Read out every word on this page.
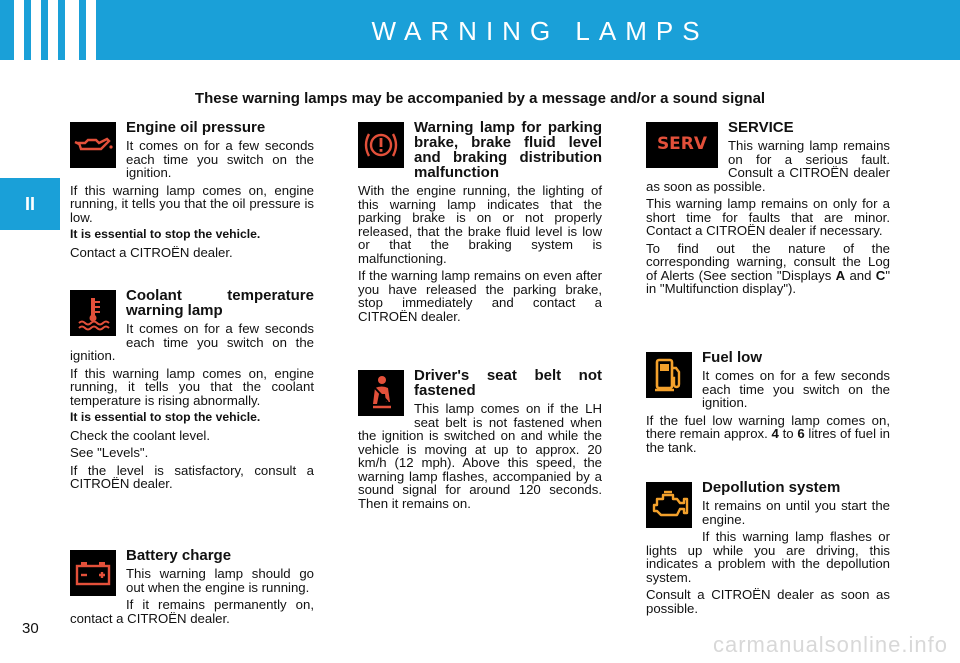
WARNING LAMPS
II
These warning lamps may be accompanied by a message and/or a sound signal

Engine oil pressure

It comes on for a few seconds each time you switch on the ignition.

If this warning lamp comes on, engine running, it tells you that the oil pressure is low.

It is essential to stop the vehicle.

Contact a CITROËN dealer.

Coolant temperature warning lamp

It comes on for a few seconds each time you switch on the ignition.

If this warning lamp comes on, engine running, it tells you that the coolant temperature is rising abnormally.

It is essential to stop the vehicle.

Check the coolant level.

See "Levels".

If the level is satisfactory, consult a CITROËN dealer.

Battery charge

This warning lamp should go out when the engine is running.

If it remains permanently on, contact a CITROËN dealer.

Warning lamp for parking brake, brake fluid level and braking distribution malfunction

With the engine running, the lighting of this warning lamp indicates that the parking brake is on or not properly released, that the brake fluid level is low or that the braking system is malfunctioning.

If the warning lamp remains on even after you have released the parking brake, stop immediately and contact a CITROËN dealer.

Driver's seat belt not fastened

This lamp comes on if the LH seat belt is not fastened when the ignition is switched on and while the vehicle is moving at up to approx. 20 km/h (12 mph). Above this speed, the warning lamp flashes, accompanied by a sound signal for around 120 seconds. Then it remains on.

SERV

SERVICE

This warning lamp remains on for a serious fault. Consult a CITROËN dealer as soon as possible.

This warning lamp remains on only for a short time for faults that are minor. Contact a CITROËN dealer if necessary.

To find out the nature of the corresponding warning, consult the Log of Alerts (See section "Displays A and C" in "Multifunction display").

Fuel low

It comes on for a few seconds each time you switch on the ignition.

If the fuel low warning lamp comes on, there remain approx. 4 to 6 litres of fuel in the tank.

Depollution system

It remains on until you start the engine.

If this warning lamp flashes or lights up while you are driving, this indicates a problem with the depollution system.

Consult a CITROËN dealer as soon as possible.

30
carmanualsonline.info
